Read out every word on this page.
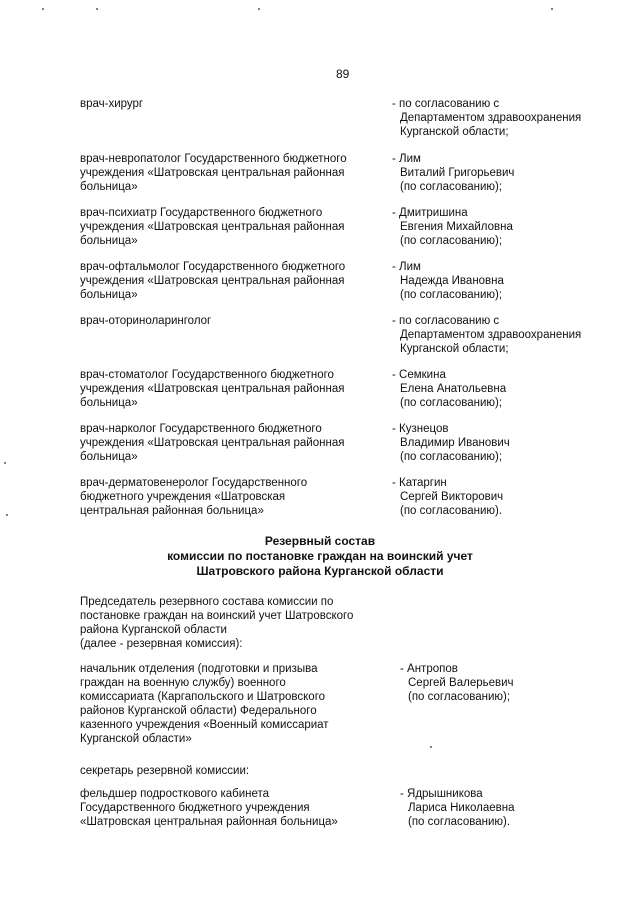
89
врач-хирург	- по согласованию с
Департаментом здравоохранения
Курганской области;
врач-невропатолог Государственного бюджетного
учреждения «Шатровская центральная районная
больница»
- Лим
Виталий Григорьевич
(по согласованию);
врач-психиатр Государственного бюджетного
учреждения «Шатровская центральная районная
больница»
- Дмитришина
Евгения Михайловна
(по согласованию);
врач-офтальмолог Государственного бюджетного
учреждения «Шатровская центральная районная
больница»
- Лим
Надежда Ивановна
(по согласованию);
врач-оториноларинголог	- по согласованию с
Департаментом здравоохранения
Курганской области;
врач-стоматолог Государственного бюджетного
учреждения «Шатровская центральная районная
больница»
- Семкина
Елена Анатольевна
(по согласованию);
врач-нарколог Государственного бюджетного
учреждения «Шатровская центральная районная
больница»
- Кузнецов
Владимир Иванович
(по согласованию);
врач-дерматовенеролог Государственного
бюджетного учреждения «Шатровская
центральная районная больница»
- Катаргин
Сергей Викторович
(по согласованию).
Резервный состав
комиссии по постановке граждан на воинский учет
Шатровского района Курганской области
Председатель резервного состава комиссии по
постановке граждан на воинский учет Шатровского
района Курганской области
(далее - резервная комиссия):
начальник отделения (подготовки и призыва
граждан на военную службу) военного
комиссариата (Каргапольского и Шатровского
районов Курганской области) Федерального
казенного учреждения «Военный комиссариат
Курганской области»
- Антропов
Сергей Валерьевич
(по согласованию);
секретарь резервной комиссии:
фельдшер подросткового кабинета
Государственного бюджетного учреждения
«Шатровская центральная районная больница»
- Ядрышникова
Лариса Николаевна
(по согласованию).
